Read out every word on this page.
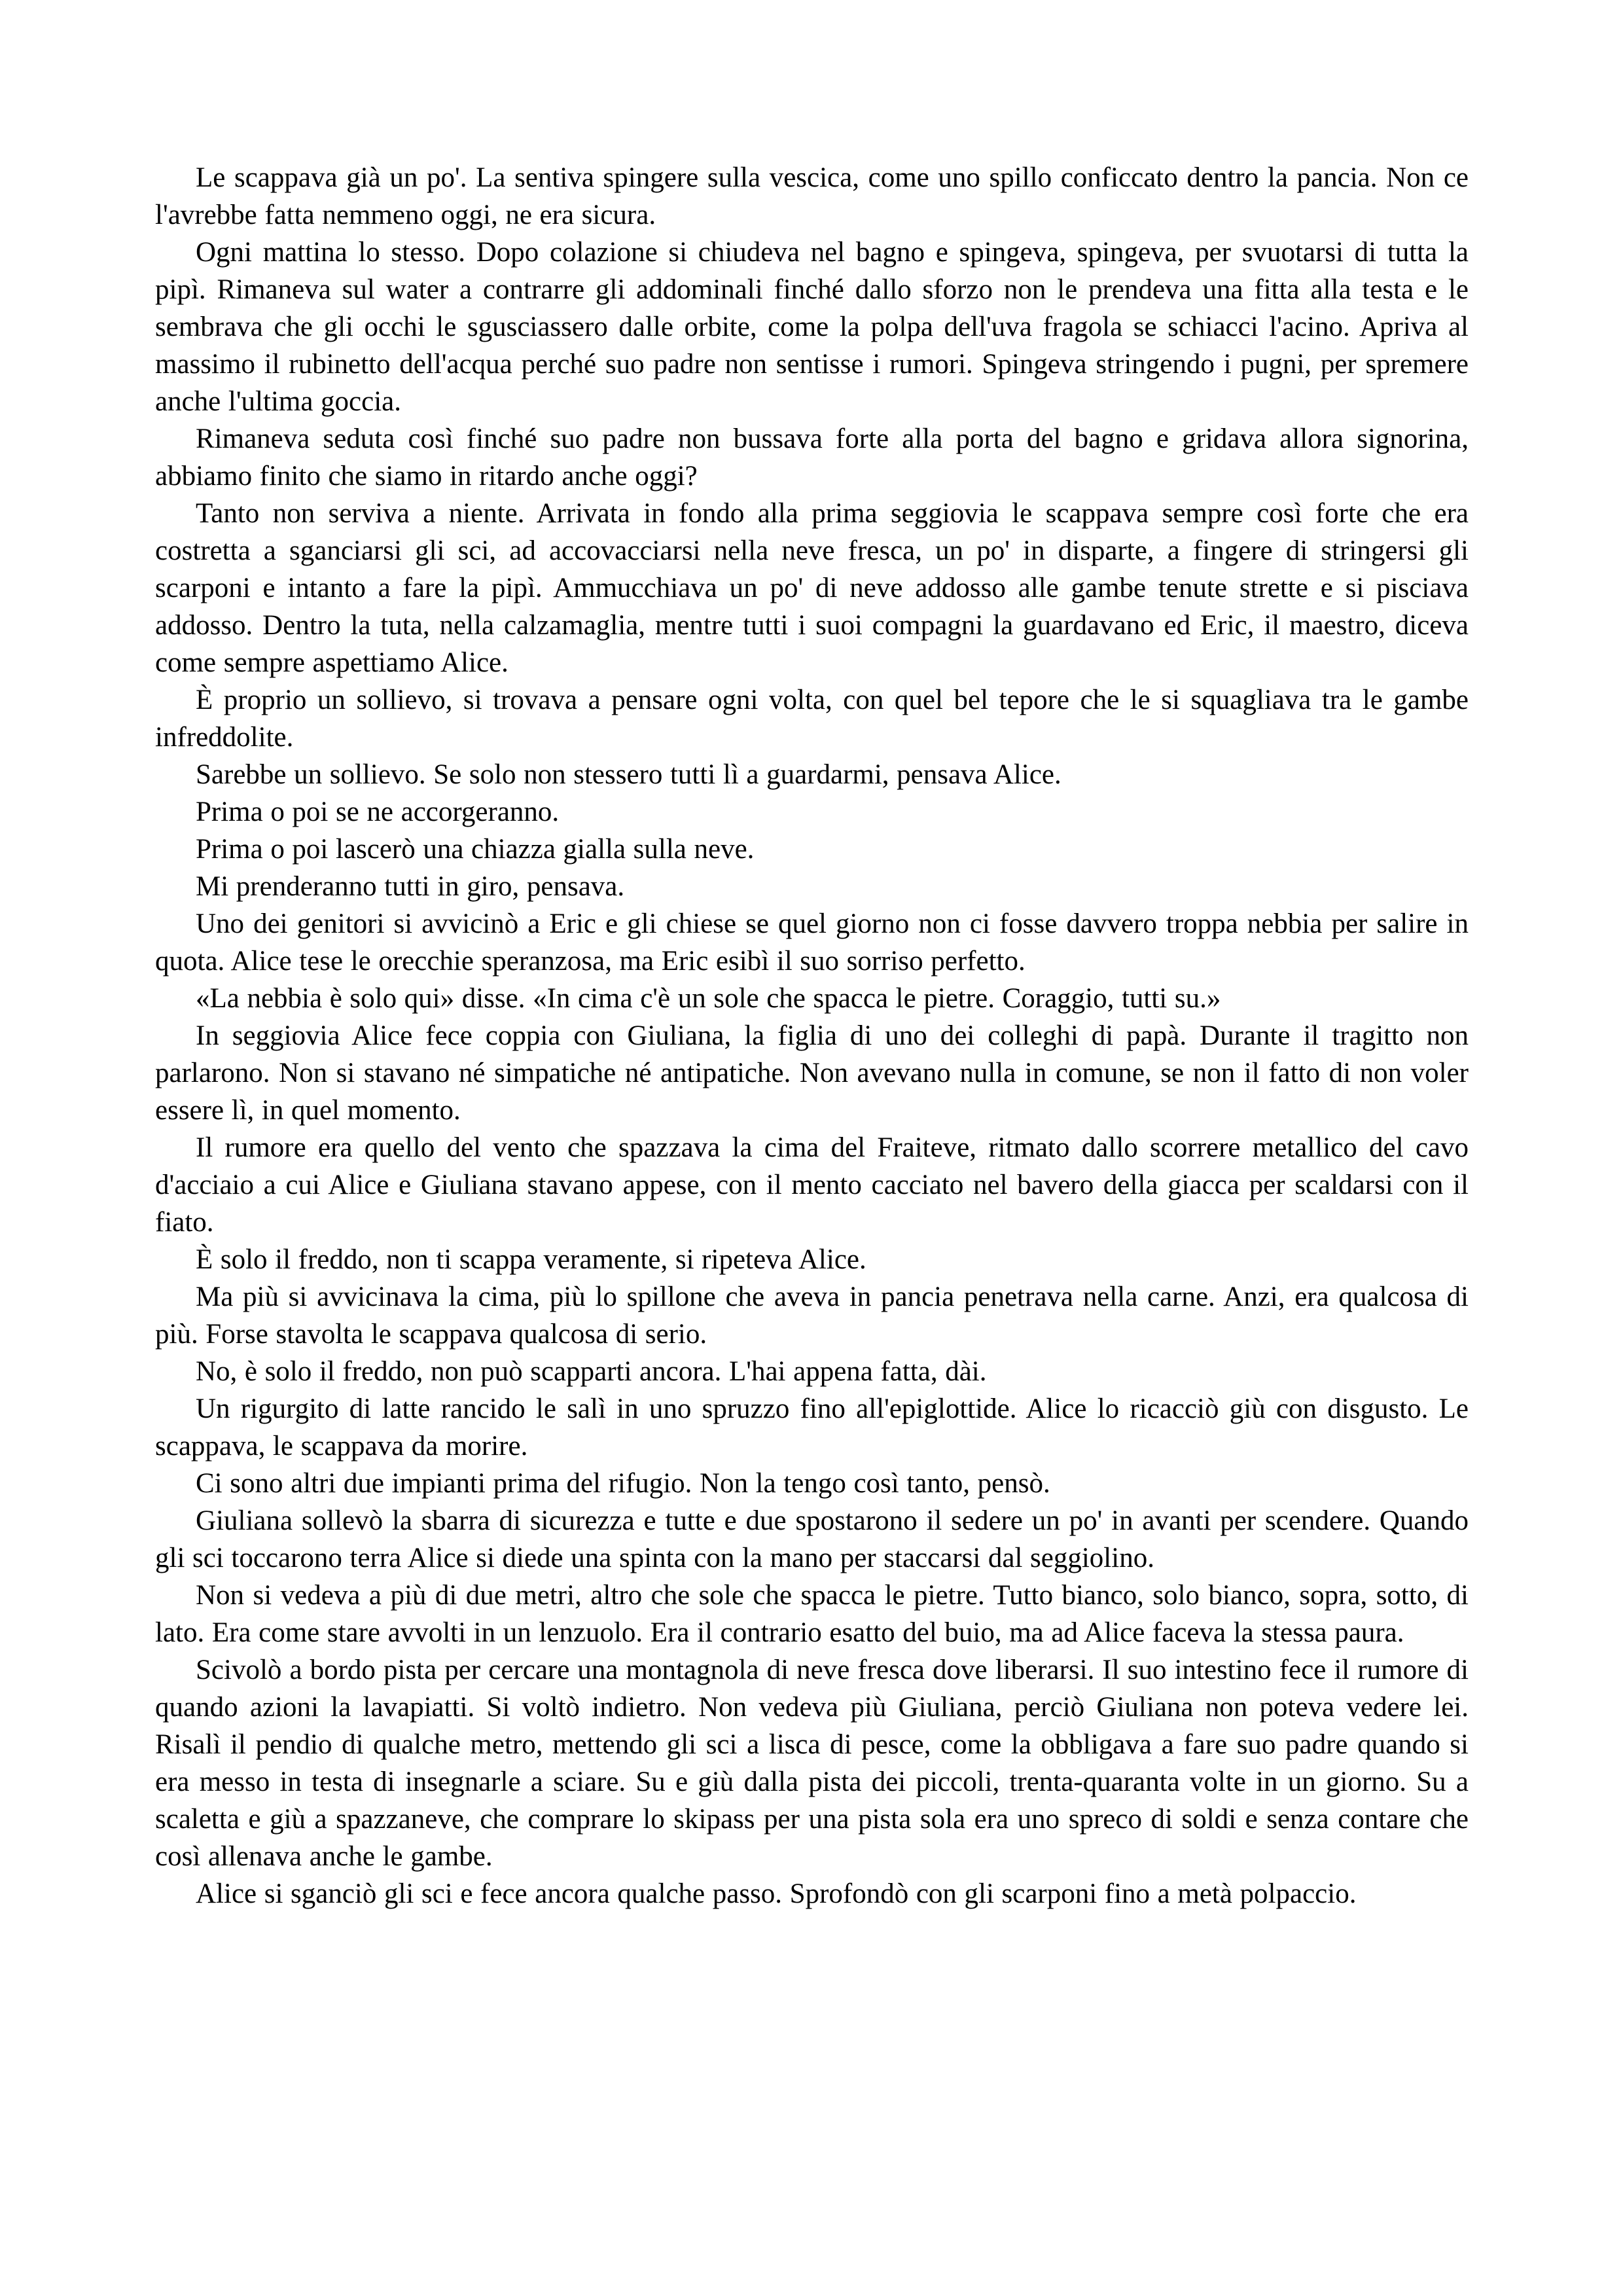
Le scappava già un po'. La sentiva spingere sulla vescica, come uno spillo conficcato dentro la pancia. Non ce l'avrebbe fatta nemmeno oggi, ne era sicura.

Ogni mattina lo stesso. Dopo colazione si chiudeva nel bagno e spingeva, spingeva, per svuotarsi di tutta la pipì. Rimaneva sul water a contrarre gli addominali finché dallo sforzo non le prendeva una fitta alla testa e le sembrava che gli occhi le sgusciassero dalle orbite, come la polpa dell'uva fragola se schiacci l'acino. Apriva al massimo il rubinetto dell'acqua perché suo padre non sentisse i rumori. Spingeva stringendo i pugni, per spremere anche l'ultima goccia.

Rimaneva seduta così finché suo padre non bussava forte alla porta del bagno e gridava allora signorina, abbiamo finito che siamo in ritardo anche oggi?

Tanto non serviva a niente. Arrivata in fondo alla prima seggiovia le scappava sempre così forte che era costretta a sganciarsi gli sci, ad accovacciarsi nella neve fresca, un po' in disparte, a fingere di stringersi gli scarponi e intanto a fare la pipì. Ammucchiava un po' di neve addosso alle gambe tenute strette e si pisciava addosso. Dentro la tuta, nella calzamaglia, mentre tutti i suoi compagni la guardavano ed Eric, il maestro, diceva come sempre aspettiamo Alice.

È proprio un sollievo, si trovava a pensare ogni volta, con quel bel tepore che le si squagliava tra le gambe infreddolite.

Sarebbe un sollievo. Se solo non stessero tutti lì a guardarmi, pensava Alice.

Prima o poi se ne accorgeranno.

Prima o poi lascerò una chiazza gialla sulla neve.

Mi prenderanno tutti in giro, pensava.

Uno dei genitori si avvicinò a Eric e gli chiese se quel giorno non ci fosse davvero troppa nebbia per salire in quota. Alice tese le orecchie speranzosa, ma Eric esibì il suo sorriso perfetto.

«La nebbia è solo qui» disse. «In cima c'è un sole che spacca le pietre. Coraggio, tutti su.»

In seggiovia Alice fece coppia con Giuliana, la figlia di uno dei colleghi di papà. Durante il tragitto non parlarono. Non si stavano né simpatiche né antipatiche. Non avevano nulla in comune, se non il fatto di non voler essere lì, in quel momento.

Il rumore era quello del vento che spazzava la cima del Fraiteve, ritmato dallo scorrere metallico del cavo d'acciaio a cui Alice e Giuliana stavano appese, con il mento cacciato nel bavero della giacca per scaldarsi con il fiato.

È solo il freddo, non ti scappa veramente, si ripeteva Alice.

Ma più si avvicinava la cima, più lo spillone che aveva in pancia penetrava nella carne. Anzi, era qualcosa di più. Forse stavolta le scappava qualcosa di serio.

No, è solo il freddo, non può scapparti ancora. L'hai appena fatta, dài.

Un rigurgito di latte rancido le salì in uno spruzzo fino all'epiglottide. Alice lo ricacciò giù con disgusto. Le scappava, le scappava da morire.

Ci sono altri due impianti prima del rifugio. Non la tengo così tanto, pensò.

Giuliana sollevò la sbarra di sicurezza e tutte e due spostarono il sedere un po' in avanti per scendere. Quando gli sci toccarono terra Alice si diede una spinta con la mano per staccarsi dal seggiolino.

Non si vedeva a più di due metri, altro che sole che spacca le pietre. Tutto bianco, solo bianco, sopra, sotto, di lato. Era come stare avvolti in un lenzuolo. Era il contrario esatto del buio, ma ad Alice faceva la stessa paura.

Scivolò a bordo pista per cercare una montagnola di neve fresca dove liberarsi. Il suo intestino fece il rumore di quando azioni la lavapiatti. Si voltò indietro. Non vedeva più Giuliana, perciò Giuliana non poteva vedere lei. Risalì il pendio di qualche metro, mettendo gli sci a lisca di pesce, come la obbligava a fare suo padre quando si era messo in testa di insegnarle a sciare. Su e giù dalla pista dei piccoli, trenta-quaranta volte in un giorno. Su a scaletta e giù a spazzaneve, che comprare lo skipass per una pista sola era uno spreco di soldi e senza contare che così allenava anche le gambe.

Alice si sganciò gli sci e fece ancora qualche passo. Sprofondò con gli scarponi fino a metà polpaccio.
